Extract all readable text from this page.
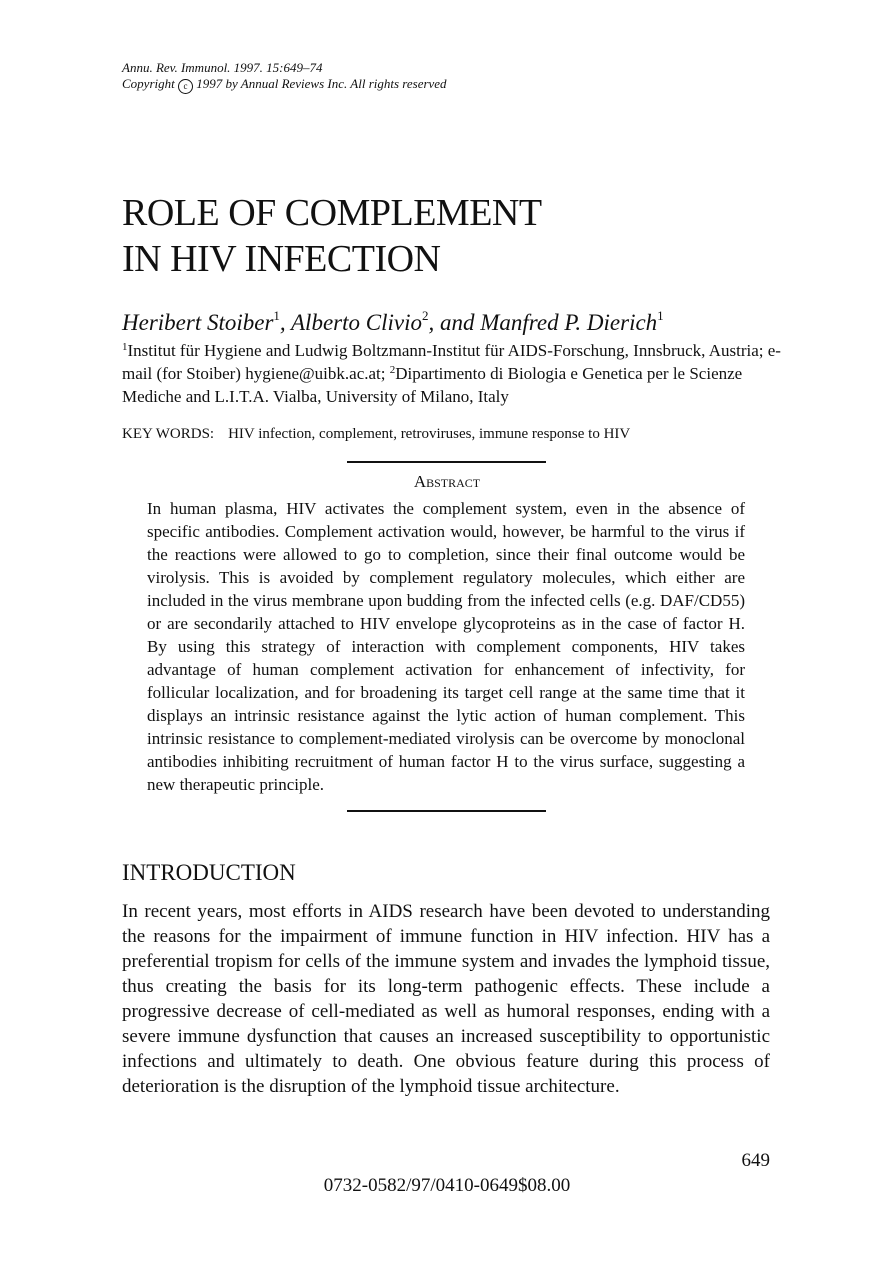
Annu. Rev. Immunol. 1997. 15:649–74
Copyright c 1997 by Annual Reviews Inc. All rights reserved
ROLE OF COMPLEMENT
IN HIV INFECTION
Heribert Stoiber$^1$, Alberto Clivio$^2$, and Manfred P. Dierich$^1$
$^1$Institut für Hygiene and Ludwig Boltzmann-Institut für AIDS-Forschung, Innsbruck, Austria; e-mail (for Stoiber) hygiene@uibk.ac.at; $^2$Dipartimento di Biologia e Genetica per le Scienze Mediche and L.I.T.A. Vialba, University of Milano, Italy
KEY WORDS: HIV infection, complement, retroviruses, immune response to HIV
Abstract

In human plasma, HIV activates the complement system, even in the absence of specific antibodies. Complement activation would, however, be harmful to the virus if the reactions were allowed to go to completion, since their final outcome would be virolysis. This is avoided by complement regulatory molecules, which either are included in the virus membrane upon budding from the infected cells (e.g. DAF/CD55) or are secondarily attached to HIV envelope glycoproteins as in the case of factor H. By using this strategy of interaction with complement components, HIV takes advantage of human complement activation for enhancement of infectivity, for follicular localization, and for broadening its target cell range at the same time that it displays an intrinsic resistance against the lytic action of human complement. This intrinsic resistance to complement-mediated virolysis can be overcome by monoclonal antibodies inhibiting recruitment of human factor H to the virus surface, suggesting a new therapeutic principle.

INTRODUCTION

In recent years, most efforts in AIDS research have been devoted to understanding the reasons for the impairment of immune function in HIV infection. HIV has a preferential tropism for cells of the immune system and invades the lymphoid tissue, thus creating the basis for its long-term pathogenic effects. These include a progressive decrease of cell-mediated as well as humoral responses, ending with a severe immune dysfunction that causes an increased susceptibility to opportunistic infections and ultimately to death. One obvious feature during this process of deterioration is the disruption of the lymphoid tissue architecture.

649
0732-0582/97/0410-0649$08.00
